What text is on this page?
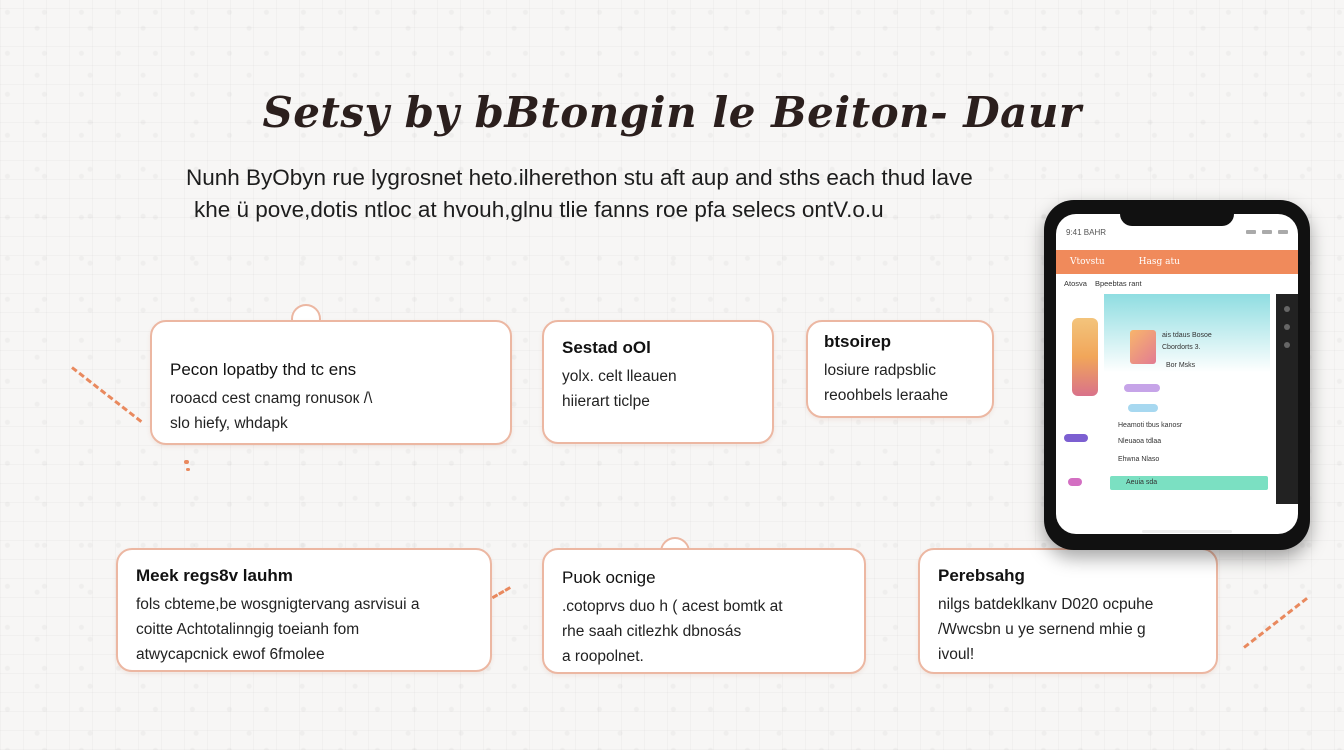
Setsy by bBtongin le Beiton- Daur
Nunh ByObyn rue lygrosnet heto.ilherethon stu aft aup and sths each thud lave
khe ü pove,dotis ntloc at hvouh,glnu tlie fanns roe pfa selecs ontV.o.u
Pecon lopatby thd tc ens

rooacd cest cnamg ronusoк /\

slo hiefy, whdapk

Sestad oOl

yolx. celt lleauen

hiierart ticlpe

btsoirep

losiure radpsblic

reoohbels leraahe

Meek regs8v lauhm

fols cbteme,be wosgnigtervang asrvisui a

coitte Achtotalinngig toeianh fom

atwycapcnick ewof 6fmolee

Puok ocnige

.cotoprvs duo h ( acest bomtk at

rhe saah citlezhk dbnosás

a roopolnet.

Perebsahg

nilgs batdeklkanv D020 ocpuhe

/Wwcsbn u ye sernend mhie g

ivoul!

9:41 BAHR
Vtovstu	Hasg atu
Atosva Bpeebtas rant
ais tdaus Bosoe
Cbordorts 3.
Bor Msks
Heamoti tbus kanosr
Nleuaoa tdlaa
Ehwna Nlaso
Aeuia sda
